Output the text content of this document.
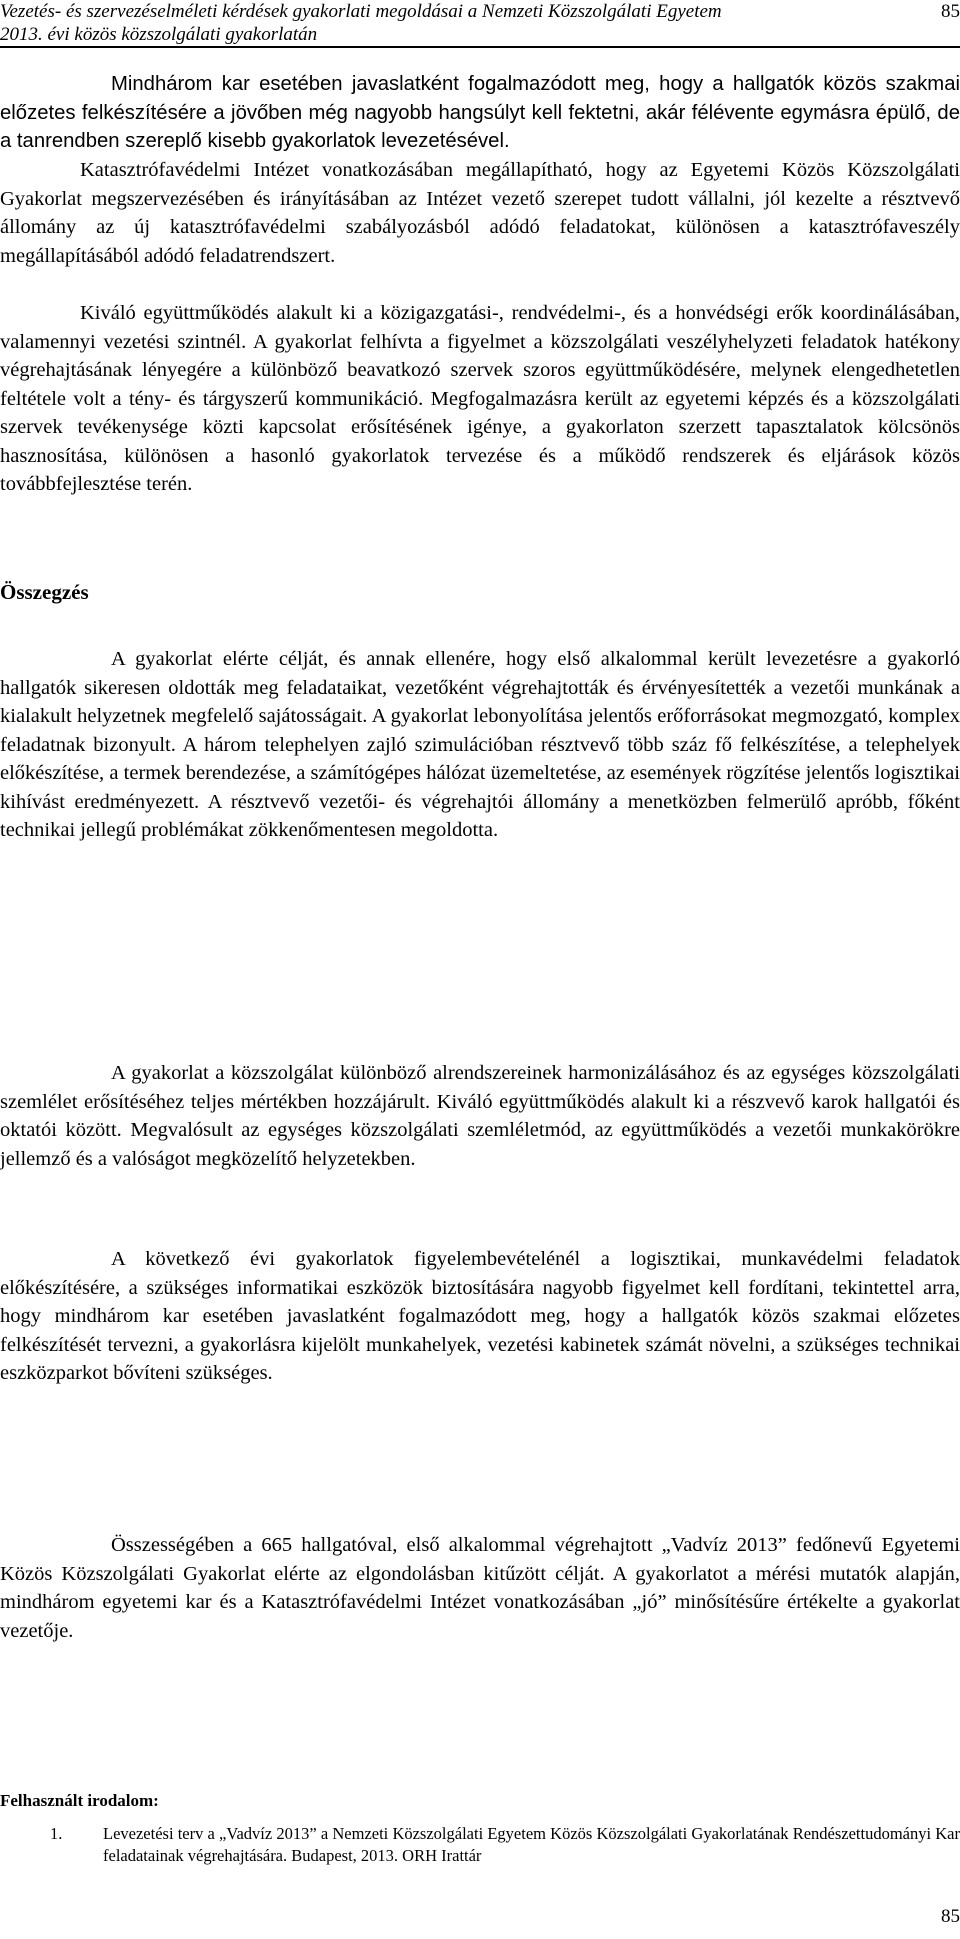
Vezetés- és szervezéselméleti kérdések gyakorlati megoldásai a Nemzeti Közszolgálati Egyetem
2013. évi közös közszolgálati gyakorlatán
85

Mindhárom kar esetében javaslatként fogalmazódott meg, hogy a hallgatók közös szakmai előzetes felkészítésére a jövőben még nagyobb hangsúlyt kell fektetni, akár félévente egymásra épülő, de a tanrendben szereplő kisebb gyakorlatok levezetésével.

Katasztrófavédelmi Intézet vonatkozásában megállapítható, hogy az Egyetemi Közös Közszolgálati Gyakorlat megszervezésében és irányításában az Intézet vezető szerepet tudott vállalni, jól kezelte a résztvevő állomány az új katasztrófavédelmi szabályozásból adódó feladatokat, különösen a katasztrófaveszély megállapításából adódó feladatrendszert.

Kiváló együttműködés alakult ki a közigazgatási-, rendvédelmi-, és a honvédségi erők koordinálásában, valamennyi vezetési szintnél. A gyakorlat felhívta a figyelmet a közszolgálati veszélyhelyzeti feladatok hatékony végrehajtásának lényegére a különböző beavatkozó szervek szoros együttműködésére, melynek elengedhetetlen feltétele volt a tény- és tárgyszerű kommunikáció. Megfogalmazásra került az egyetemi képzés és a közszolgálati szervek tevékenysége közti kapcsolat erősítésének igénye, a gyakorlaton szerzett tapasztalatok kölcsönös hasznosítása, különösen a hasonló gyakorlatok tervezése és a működő rendszerek és eljárások közös továbbfejlesztése terén.

Összegzés

A gyakorlat elérte célját, és annak ellenére, hogy első alkalommal került levezetésre a gyakorló hallgatók sikeresen oldották meg feladataikat, vezetőként végrehajtották és érvényesítették a vezetői munkának a kialakult helyzetnek megfelelő sajátosságait. A gyakorlat lebonyolítása jelentős erőforrásokat megmozgató, komplex feladatnak bizonyult. A három telephelyen zajló szimulációban résztvevő több száz fő felkészítése, a telephelyek előkészítése, a termek berendezése, a számítógépes hálózat üzemeltetése, az események rögzítése jelentős logisztikai kihívást eredményezett. A résztvevő vezetői- és végrehajtói állomány a menetközben felmerülő apróbb, főként technikai jellegű problémákat zökkenőmentesen megoldotta.

A gyakorlat a közszolgálat különböző alrendszereinek harmonizálásához és az egységes közszolgálati szemlélet erősítéséhez teljes mértékben hozzájárult. Kiváló együttműködés alakult ki a részvevő karok hallgatói és oktatói között. Megvalósult az egységes közszolgálati szemléletmód, az együttműködés a vezetői munkakörökre jellemző és a valóságot megközelítő helyzetekben.

A következő évi gyakorlatok figyelembevételénél a logisztikai, munkavédelmi feladatok előkészítésére, a szükséges informatikai eszközök biztosítására nagyobb figyelmet kell fordítani, tekintettel arra, hogy mindhárom kar esetében javaslatként fogalmazódott meg, hogy a hallgatók közös szakmai előzetes felkészítését tervezni, a gyakorlásra kijelölt munkahelyek, vezetési kabinetek számát növelni, a szükséges technikai eszközparkot bővíteni szükséges.

Összességében a 665 hallgatóval, első alkalommal végrehajtott „Vadvíz 2013” fedőnevű Egyetemi Közös Közszolgálati Gyakorlat elérte az elgondolásban kitűzött célját. A gyakorlatot a mérési mutatók alapján, mindhárom egyetemi kar és a Katasztrófavédelmi Intézet vonatkozásában „jó” minősítésűre értékelte a gyakorlat vezetője.

Felhasznált irodalom:
1. Levezetési terv a „Vadvíz 2013” a Nemzeti Közszolgálati Egyetem Közös Közszolgálati Gyakorlatának Rendészettudományi Kar feladatainak végrehajtására. Budapest, 2013. ORH Irattár
85
